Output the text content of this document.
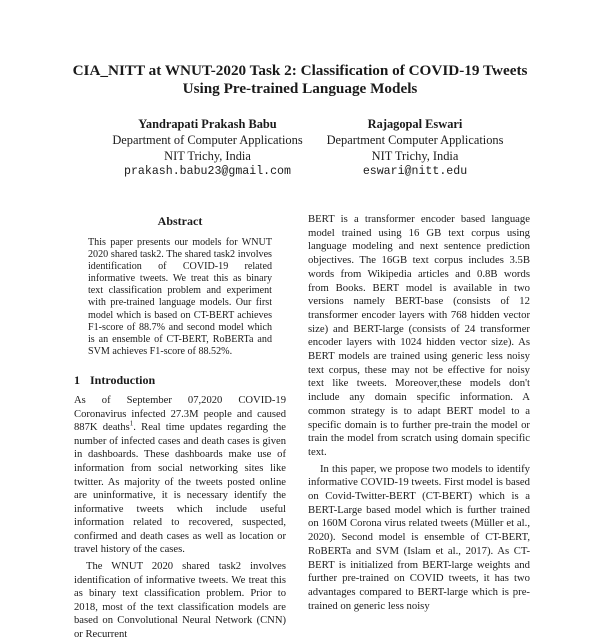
CIA_NITT at WNUT-2020 Task 2: Classification of COVID-19 Tweets
Using Pre-trained Language Models
Yandrapati Prakash Babu
Department of Computer Applications
NIT Trichy, India
prakash.babu23@gmail.com
Rajagopal Eswari
Department Computer Applications
NIT Trichy, India
eswari@nitt.edu
Abstract
This paper presents our models for WNUT 2020 shared task2. The shared task2 involves identification of COVID-19 related informative tweets. We treat this as binary text classification problem and experiment with pre-trained language models. Our first model which is based on CT-BERT achieves F1-score of 88.7% and second model which is an ensemble of CT-BERT, RoBERTa and SVM achieves F1-score of 88.52%.
1 Introduction

As of September 07,2020 COVID-19 Coronavirus infected 27.3M people and caused 887K deaths$^1$. Real time updates regarding the number of infected cases and death cases is given in dashboards. These dashboards make use of information from social networking sites like twitter. As majority of the tweets posted online are uninformative, it is necessary identify the informative tweets which include useful information related to recovered, suspected, confirmed and death cases as well as location or travel history of the cases.

The WNUT 2020 shared task2 involves identification of informative tweets. We treat this as binary text classification problem. Prior to 2018, most of the text classification models are based on Convolutional Neural Network (CNN) or Recurrent

BERT is a transformer encoder based language model trained using 16 GB text corpus using language modeling and next sentence prediction objectives. The 16GB text corpus includes 3.5B words from Wikipedia articles and 0.8B words from Books. BERT model is available in two versions namely BERT-base (consists of 12 transformer encoder layers with 768 hidden vector size) and BERT-large (consists of 24 transformer encoder layers with 1024 hidden vector size). As BERT models are trained using generic less noisy text corpus, these may not be effective for noisy text like tweets. Moreover,these models don't include any domain specific information. A common strategy is to adapt BERT model to a specific domain is to further pre-train the model or train the model from scratch using domain specific text.

In this paper, we propose two models to identify informative COVID-19 tweets. First model is based on Covid-Twitter-BERT (CT-BERT) which is a BERT-Large based model which is further trained on 160M Corona virus related tweets (Müller et al., 2020). Second model is ensemble of CT-BERT, RoBERTa and SVM (Islam et al., 2017). As CT-BERT is initialized from BERT-large weights and further pre-trained on COVID tweets, it has two advantages compared to BERT-large which is pre-trained on generic less noisy
